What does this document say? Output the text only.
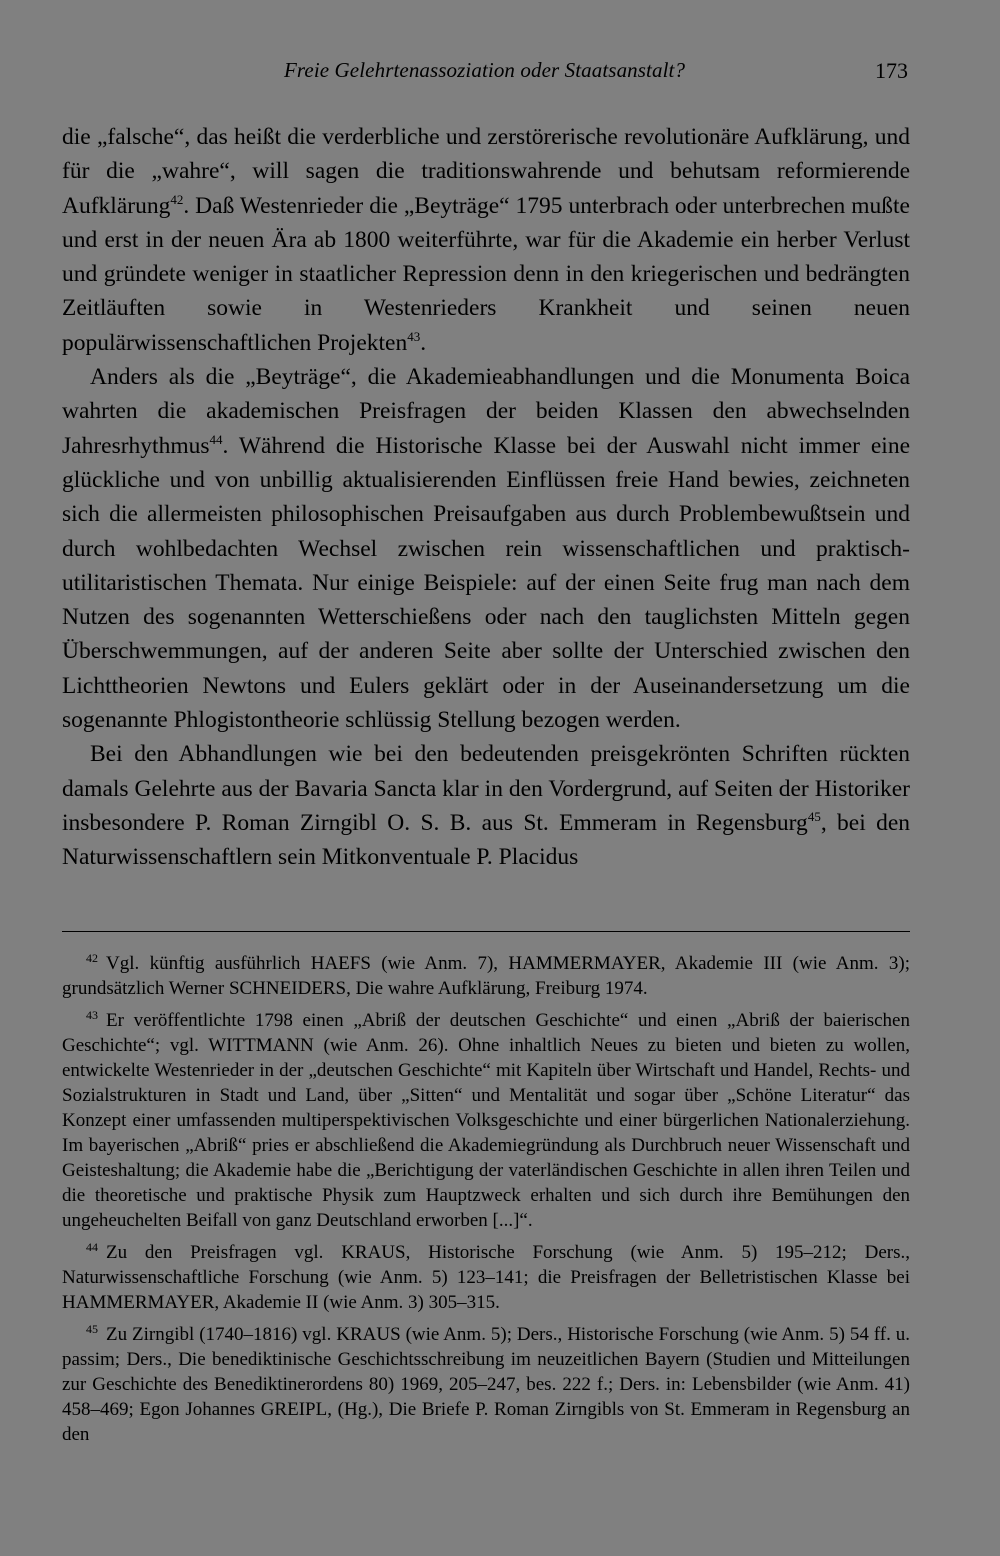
Freie Gelehrtenassoziation oder Staatsanstalt?	173

die „falsche“, das heißt die verderbliche und zerstörerische revolutionäre Aufklärung, und für die „wahre“, will sagen die traditionswahrende und behutsam reformierende Aufklärung$^{42}$. Daß Westenrieder die „Beyträge“ 1795 unterbrach oder unterbrechen mußte und erst in der neuen Ära ab 1800 weiterführte, war für die Akademie ein herber Verlust und gründete weniger in staatlicher Repression denn in den kriegerischen und bedrängten Zeitläuften sowie in Westenrieders Krankheit und seinen neuen populärwissenschaftlichen Projekten$^{43}$.

Anders als die „Beyträge“, die Akademieabhandlungen und die Monumenta Boica wahrten die akademischen Preisfragen der beiden Klassen den abwechselnden Jahresrhythmus$^{44}$. Während die Historische Klasse bei der Auswahl nicht immer eine glückliche und von unbillig aktualisierenden Einflüssen freie Hand bewies, zeichneten sich die allermeisten philosophischen Preisaufgaben aus durch Problembewußtsein und durch wohlbedachten Wechsel zwischen rein wissenschaftlichen und praktisch-utilitaristischen Themata. Nur einige Beispiele: auf der einen Seite frug man nach dem Nutzen des sogenannten Wetterschießens oder nach den tauglichsten Mitteln gegen Überschwemmungen, auf der anderen Seite aber sollte der Unterschied zwischen den Lichttheorien Newtons und Eulers geklärt oder in der Auseinandersetzung um die sogenannte Phlogistontheorie schlüssig Stellung bezogen werden.

Bei den Abhandlungen wie bei den bedeutenden preisgekrönten Schriften rückten damals Gelehrte aus der Bavaria Sancta klar in den Vordergrund, auf Seiten der Historiker insbesondere P. Roman Zirngibl O. S. B. aus St. Emmeram in Regensburg$^{45}$, bei den Naturwissenschaftlern sein Mitkonventuale P. Placidus

$^{42}$ Vgl. künftig ausführlich HAEFS (wie Anm. 7), HAMMERMAYER, Akademie III (wie Anm. 3); grundsätzlich Werner SCHNEIDERS, Die wahre Aufklärung, Freiburg 1974.

$^{43}$ Er veröffentlichte 1798 einen „Abriß der deutschen Geschichte“ und einen „Abriß der baierischen Geschichte“; vgl. WITTMANN (wie Anm. 26). Ohne inhaltlich Neues zu bieten und bieten zu wollen, entwickelte Westenrieder in der „deutschen Geschichte“ mit Kapiteln über Wirtschaft und Handel, Rechts- und Sozialstrukturen in Stadt und Land, über „Sitten“ und Mentalität und sogar über „Schöne Literatur“ das Konzept einer umfassenden multiperspektivischen Volksgeschichte und einer bürgerlichen Nationalerziehung. Im bayerischen „Abriß“ pries er abschließend die Akademiegründung als Durchbruch neuer Wissenschaft und Geisteshaltung; die Akademie habe die „Berichtigung der vaterländischen Geschichte in allen ihren Teilen und die theoretische und praktische Physik zum Hauptzweck erhalten und sich durch ihre Bemühungen den ungeheuchelten Beifall von ganz Deutschland erworben [...]“.

$^{44}$ Zu den Preisfragen vgl. KRAUS, Historische Forschung (wie Anm. 5) 195–212; Ders., Naturwissenschaftliche Forschung (wie Anm. 5) 123–141; die Preisfragen der Belletristischen Klasse bei HAMMERMAYER, Akademie II (wie Anm. 3) 305–315.

$^{45}$ Zu Zirngibl (1740–1816) vgl. KRAUS (wie Anm. 5); Ders., Historische Forschung (wie Anm. 5) 54 ff. u. passim; Ders., Die benediktinische Geschichtsschreibung im neuzeitlichen Bayern (Studien und Mitteilungen zur Geschichte des Benediktinerordens 80) 1969, 205–247, bes. 222 f.; Ders. in: Lebensbilder (wie Anm. 41) 458–469; Egon Johannes GREIPL, (Hg.), Die Briefe P. Roman Zirngibls von St. Emmeram in Regensburg an den
